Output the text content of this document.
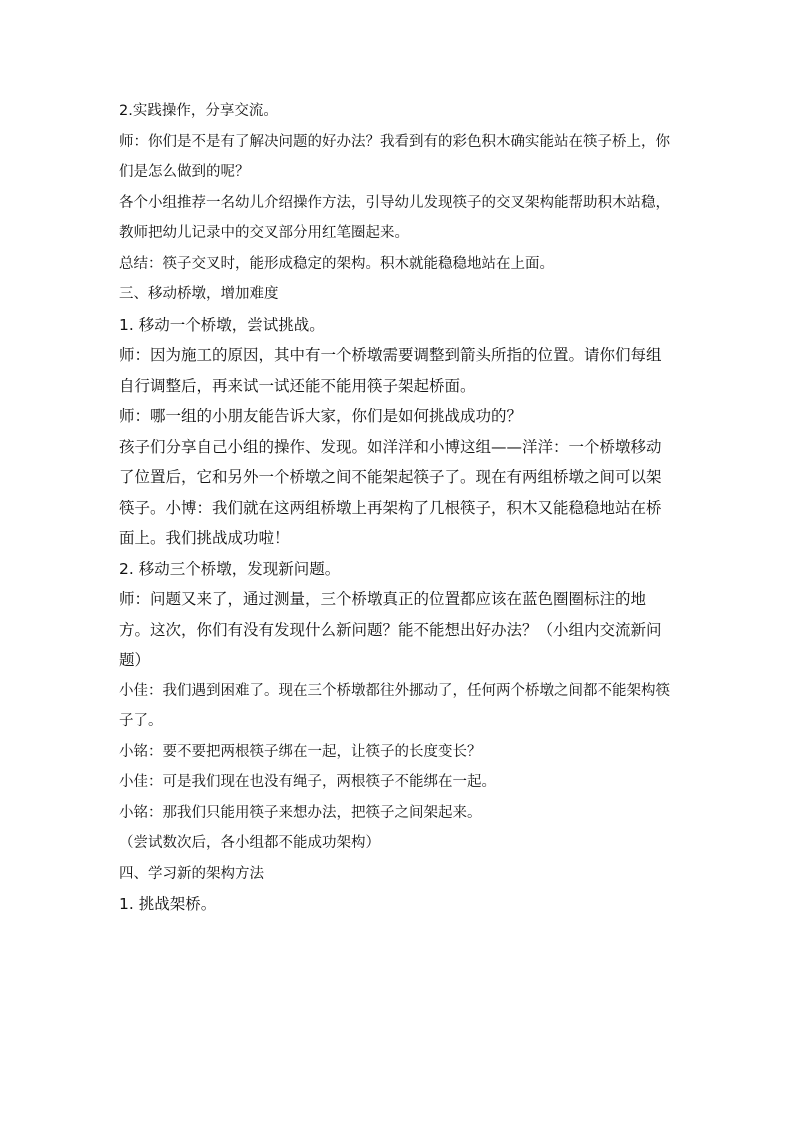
2.实践操作，分享交流。

师：你们是不是有了解决问题的好办法？我看到有的彩色积木确实能站在筷子桥上，你们是怎么做到的呢？

各个小组推荐一名幼儿介绍操作方法，引导幼儿发现筷子的交叉架构能帮助积木站稳，教师把幼儿记录中的交叉部分用红笔圈起来。

总结：筷子交叉时，能形成稳定的架构。积木就能稳稳地站在上面。

三、移动桥墩，增加难度

1. 移动一个桥墩，尝试挑战。

师：因为施工的原因，其中有一个桥墩需要调整到箭头所指的位置。请你们每组自行调整后，再来试一试还能不能用筷子架起桥面。

师：哪一组的小朋友能告诉大家，你们是如何挑战成功的？

孩子们分享自己小组的操作、发现。如洋洋和小博这组——洋洋：一个桥墩移动了位置后，它和另外一个桥墩之间不能架起筷子了。现在有两组桥墩之间可以架筷子。小博：我们就在这两组桥墩上再架构了几根筷子，积木又能稳稳地站在桥面上。我们挑战成功啦！

2. 移动三个桥墩，发现新问题。

师：问题又来了，通过测量，三个桥墩真正的位置都应该在蓝色圈圈标注的地方。这次，你们有没有发现什么新问题？能不能想出好办法？（小组内交流新问题）

小佳：我们遇到困难了。现在三个桥墩都往外挪动了，任何两个桥墩之间都不能架构筷子了。

小铭：要不要把两根筷子绑在一起，让筷子的长度变长？

小佳：可是我们现在也没有绳子，两根筷子不能绑在一起。

小铭：那我们只能用筷子来想办法，把筷子之间架起来。

（尝试数次后，各小组都不能成功架构）

四、学习新的架构方法

1. 挑战架桥。
